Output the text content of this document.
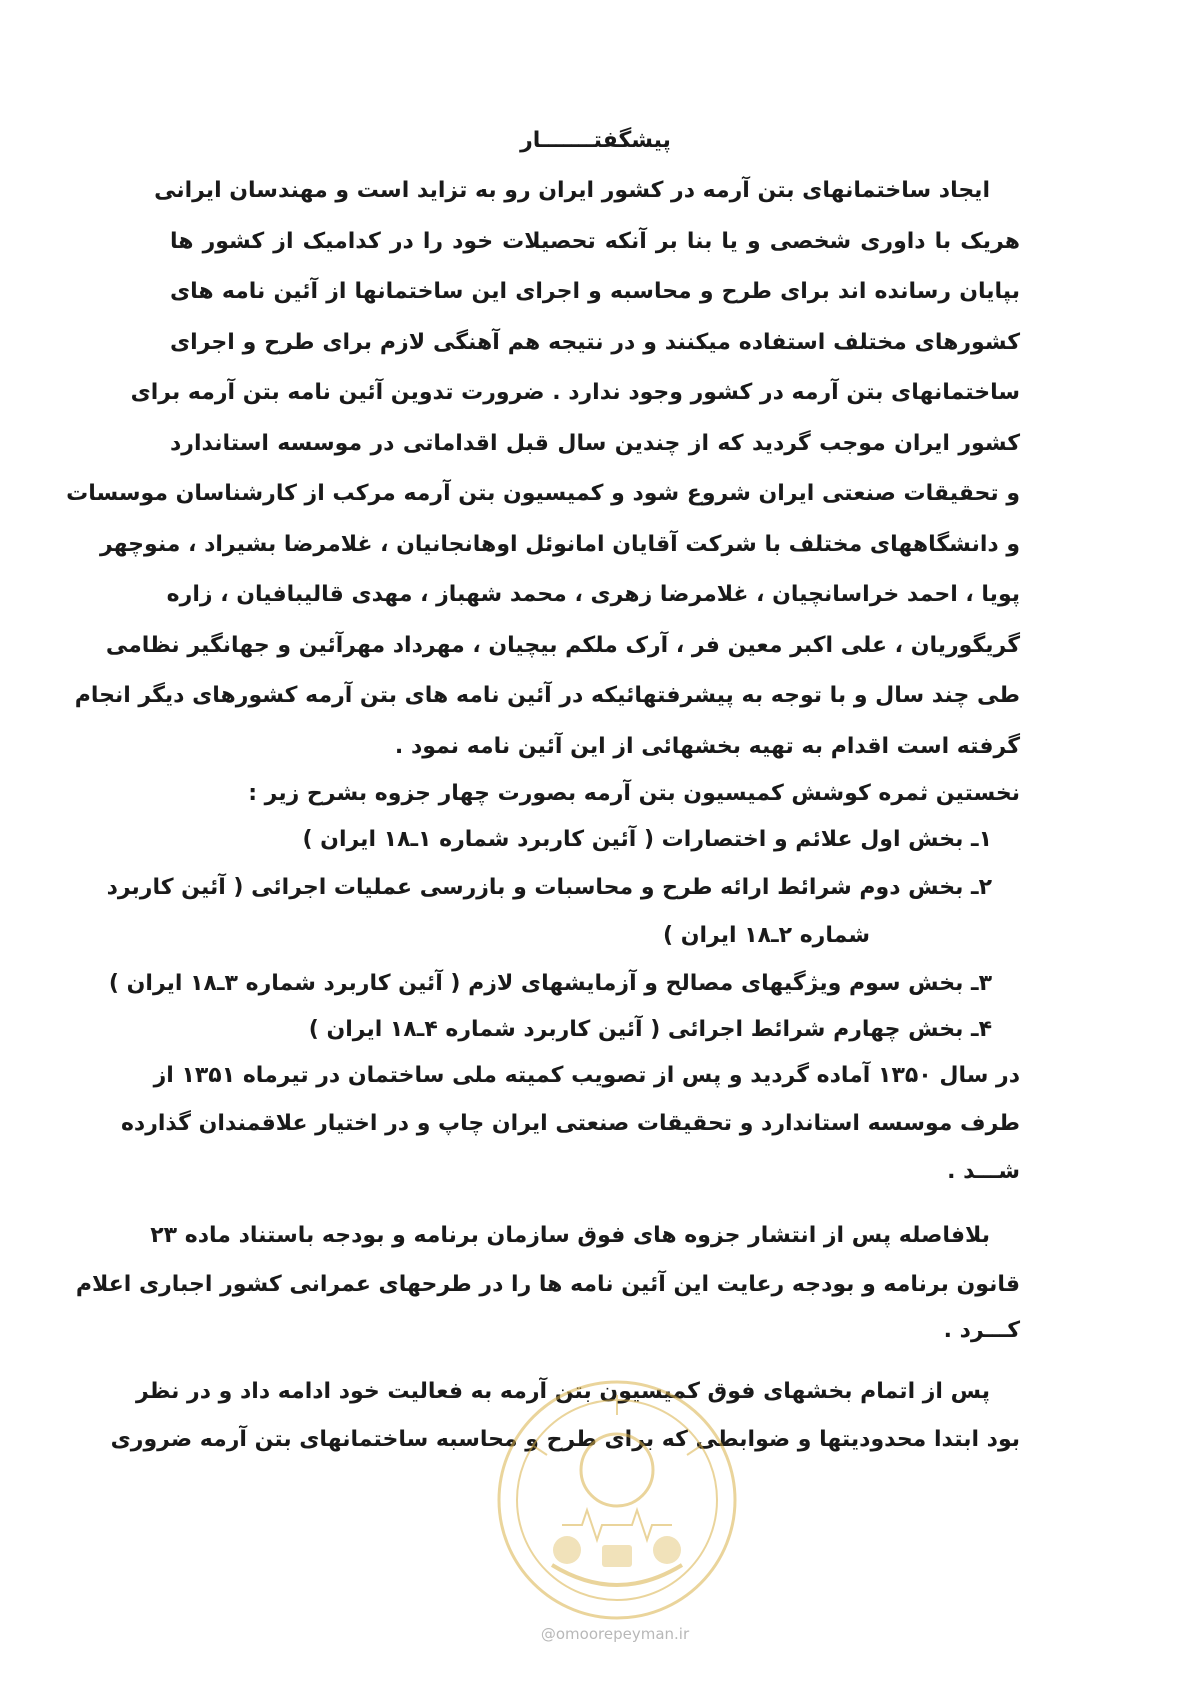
پیشگفتـــــــار
ایجاد ساختمانهای بتن آرمه در کشور ایران رو به تزاید است و مهندسان ایرانی
هریک با داوری شخصی و یا بنا بر آنکه تحصیلات خود را در کدامیک از کشور ها
بپایان رسانده اند برای طرح و محاسبه و اجرای این ساختمانها از آئین نامه های
کشورهای مختلف استفاده میکنند و در نتیجه هم آهنگی لازم برای طرح و اجرای
ساختمانهای بتن آرمه در کشور وجود ندارد . ضرورت تدوین آئین نامه بتن آرمه برای
کشور ایران موجب گردید که از چندین سال قبل اقداماتی در موسسه استاندارد
و تحقیقات صنعتی ایران شروع شود و کمیسیون بتن آرمه مرکب از کارشناسان موسسات
و دانشگاههای مختلف با شرکت آقایان امانوئل اوهانجانیان ، غلامرضا بشیراد ، منوچهر
پویا ، احمد خراسانچیان ، غلامرضا زهری ، محمد شهباز ، مهدی قالیبافیان ، زاره
گریگوریان ، علی اکبر معین فر ، آرک ملکم بیچیان ، مهرداد مهرآئین و جهانگیر نظامی
طی چند سال و با توجه به پیشرفتهائیکه در آئین نامه های بتن آرمه کشورهای دیگر انجام
گرفته است اقدام به تهیه بخشهائی از این آئین نامه نمود .
نخستین ثمره کوشش کمیسیون بتن آرمه بصورت چهار جزوه بشرح زیر :
۱ـ بخش اول علائم و اختصارات ( آئین کاربرد شماره ۱ـ۱۸ ایران )
۲ـ بخش دوم شرائط ارائه طرح و محاسبات و بازرسی عملیات اجرائی ( آئین کاربرد
شماره ۲ـ۱۸ ایران )
۳ـ بخش سوم ویژگیهای مصالح و آزمایشهای لازم ( آئین کاربرد شماره ۳ـ۱۸ ایران )
۴ـ بخش چهارم شرائط اجرائی ( آئین کاربرد شماره ۴ـ۱۸ ایران )
در سال ۱۳۵۰ آماده گردید و پس از تصویب کمیته ملی ساختمان در تیرماه ۱۳۵۱ از
طرف موسسه استاندارد و تحقیقات صنعتی ایران چاپ و در اختیار علاقمندان گذارده
شـــد .
بلافاصله پس از انتشار جزوه های فوق سازمان برنامه و بودجه باستناد ماده ۲۳
قانون برنامه و بودجه رعایت این آئین نامه ها را در طرحهای عمرانی کشور اجباری اعلام
کـــرد .
پس از اتمام بخشهای فوق کمیسیون بتن آرمه به فعالیت خود ادامه داد و در نظر
بود ابتدا محدودیتها و ضوابطی که برای طرح و محاسبه ساختمانهای بتن آرمه ضروری
@omoorepeyman.ir
